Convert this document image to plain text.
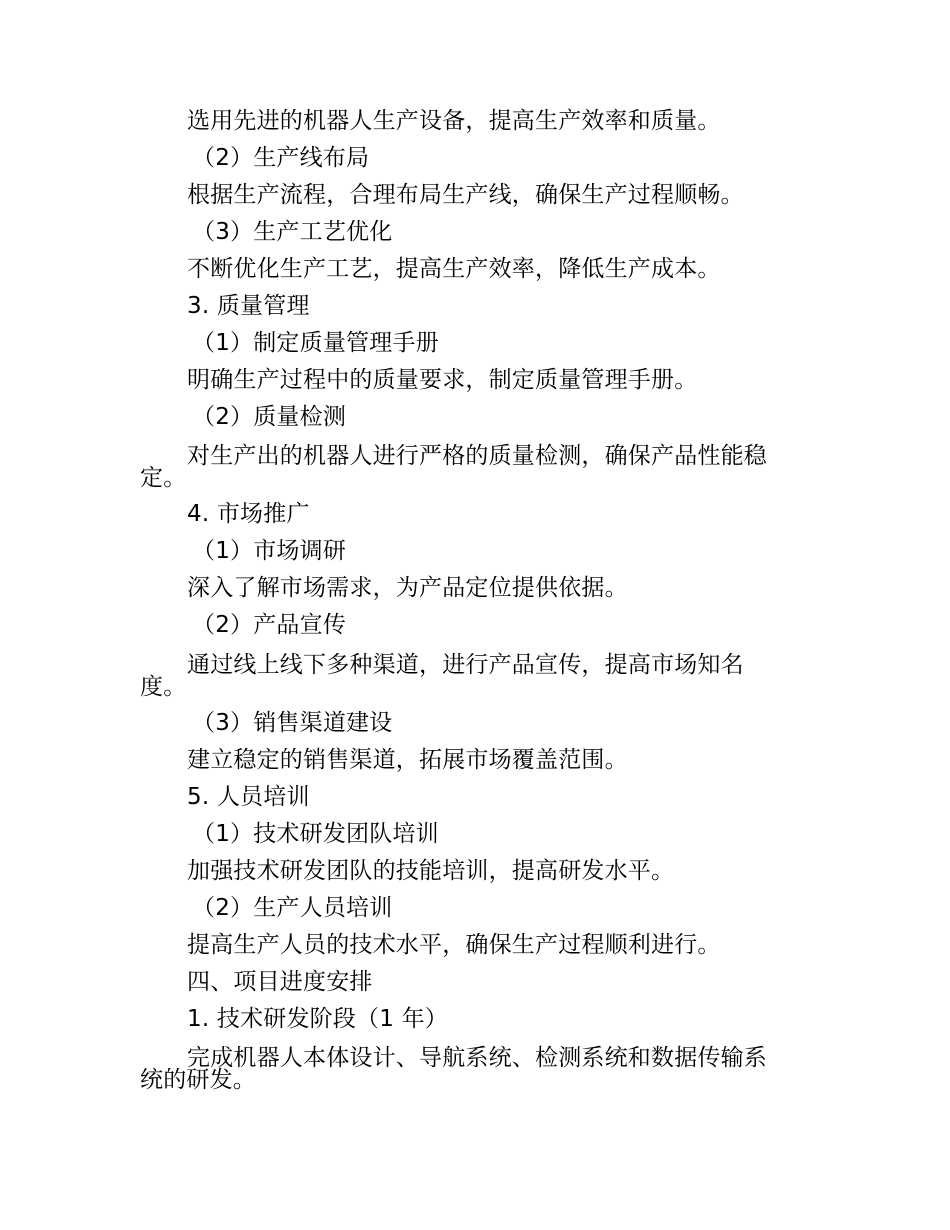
选用先进的机器人生产设备，提高生产效率和质量。
（2）生产线布局
根据生产流程，合理布局生产线，确保生产过程顺畅。
（3）生产工艺优化
不断优化生产工艺，提高生产效率，降低生产成本。
3. 质量管理
（1）制定质量管理手册
明确生产过程中的质量要求，制定质量管理手册。
（2）质量检测
对生产出的机器人进行严格的质量检测，确保产品性能稳
定。
4. 市场推广
（1）市场调研
深入了解市场需求，为产品定位提供依据。
（2）产品宣传
通过线上线下多种渠道，进行产品宣传，提高市场知名
度。
（3）销售渠道建设
建立稳定的销售渠道，拓展市场覆盖范围。
5. 人员培训
（1）技术研发团队培训
加强技术研发团队的技能培训，提高研发水平。
（2）生产人员培训
提高生产人员的技术水平，确保生产过程顺利进行。
四、项目进度安排
1. 技术研发阶段（1 年）
完成机器人本体设计、导航系统、检测系统和数据传输系
统的研发。
